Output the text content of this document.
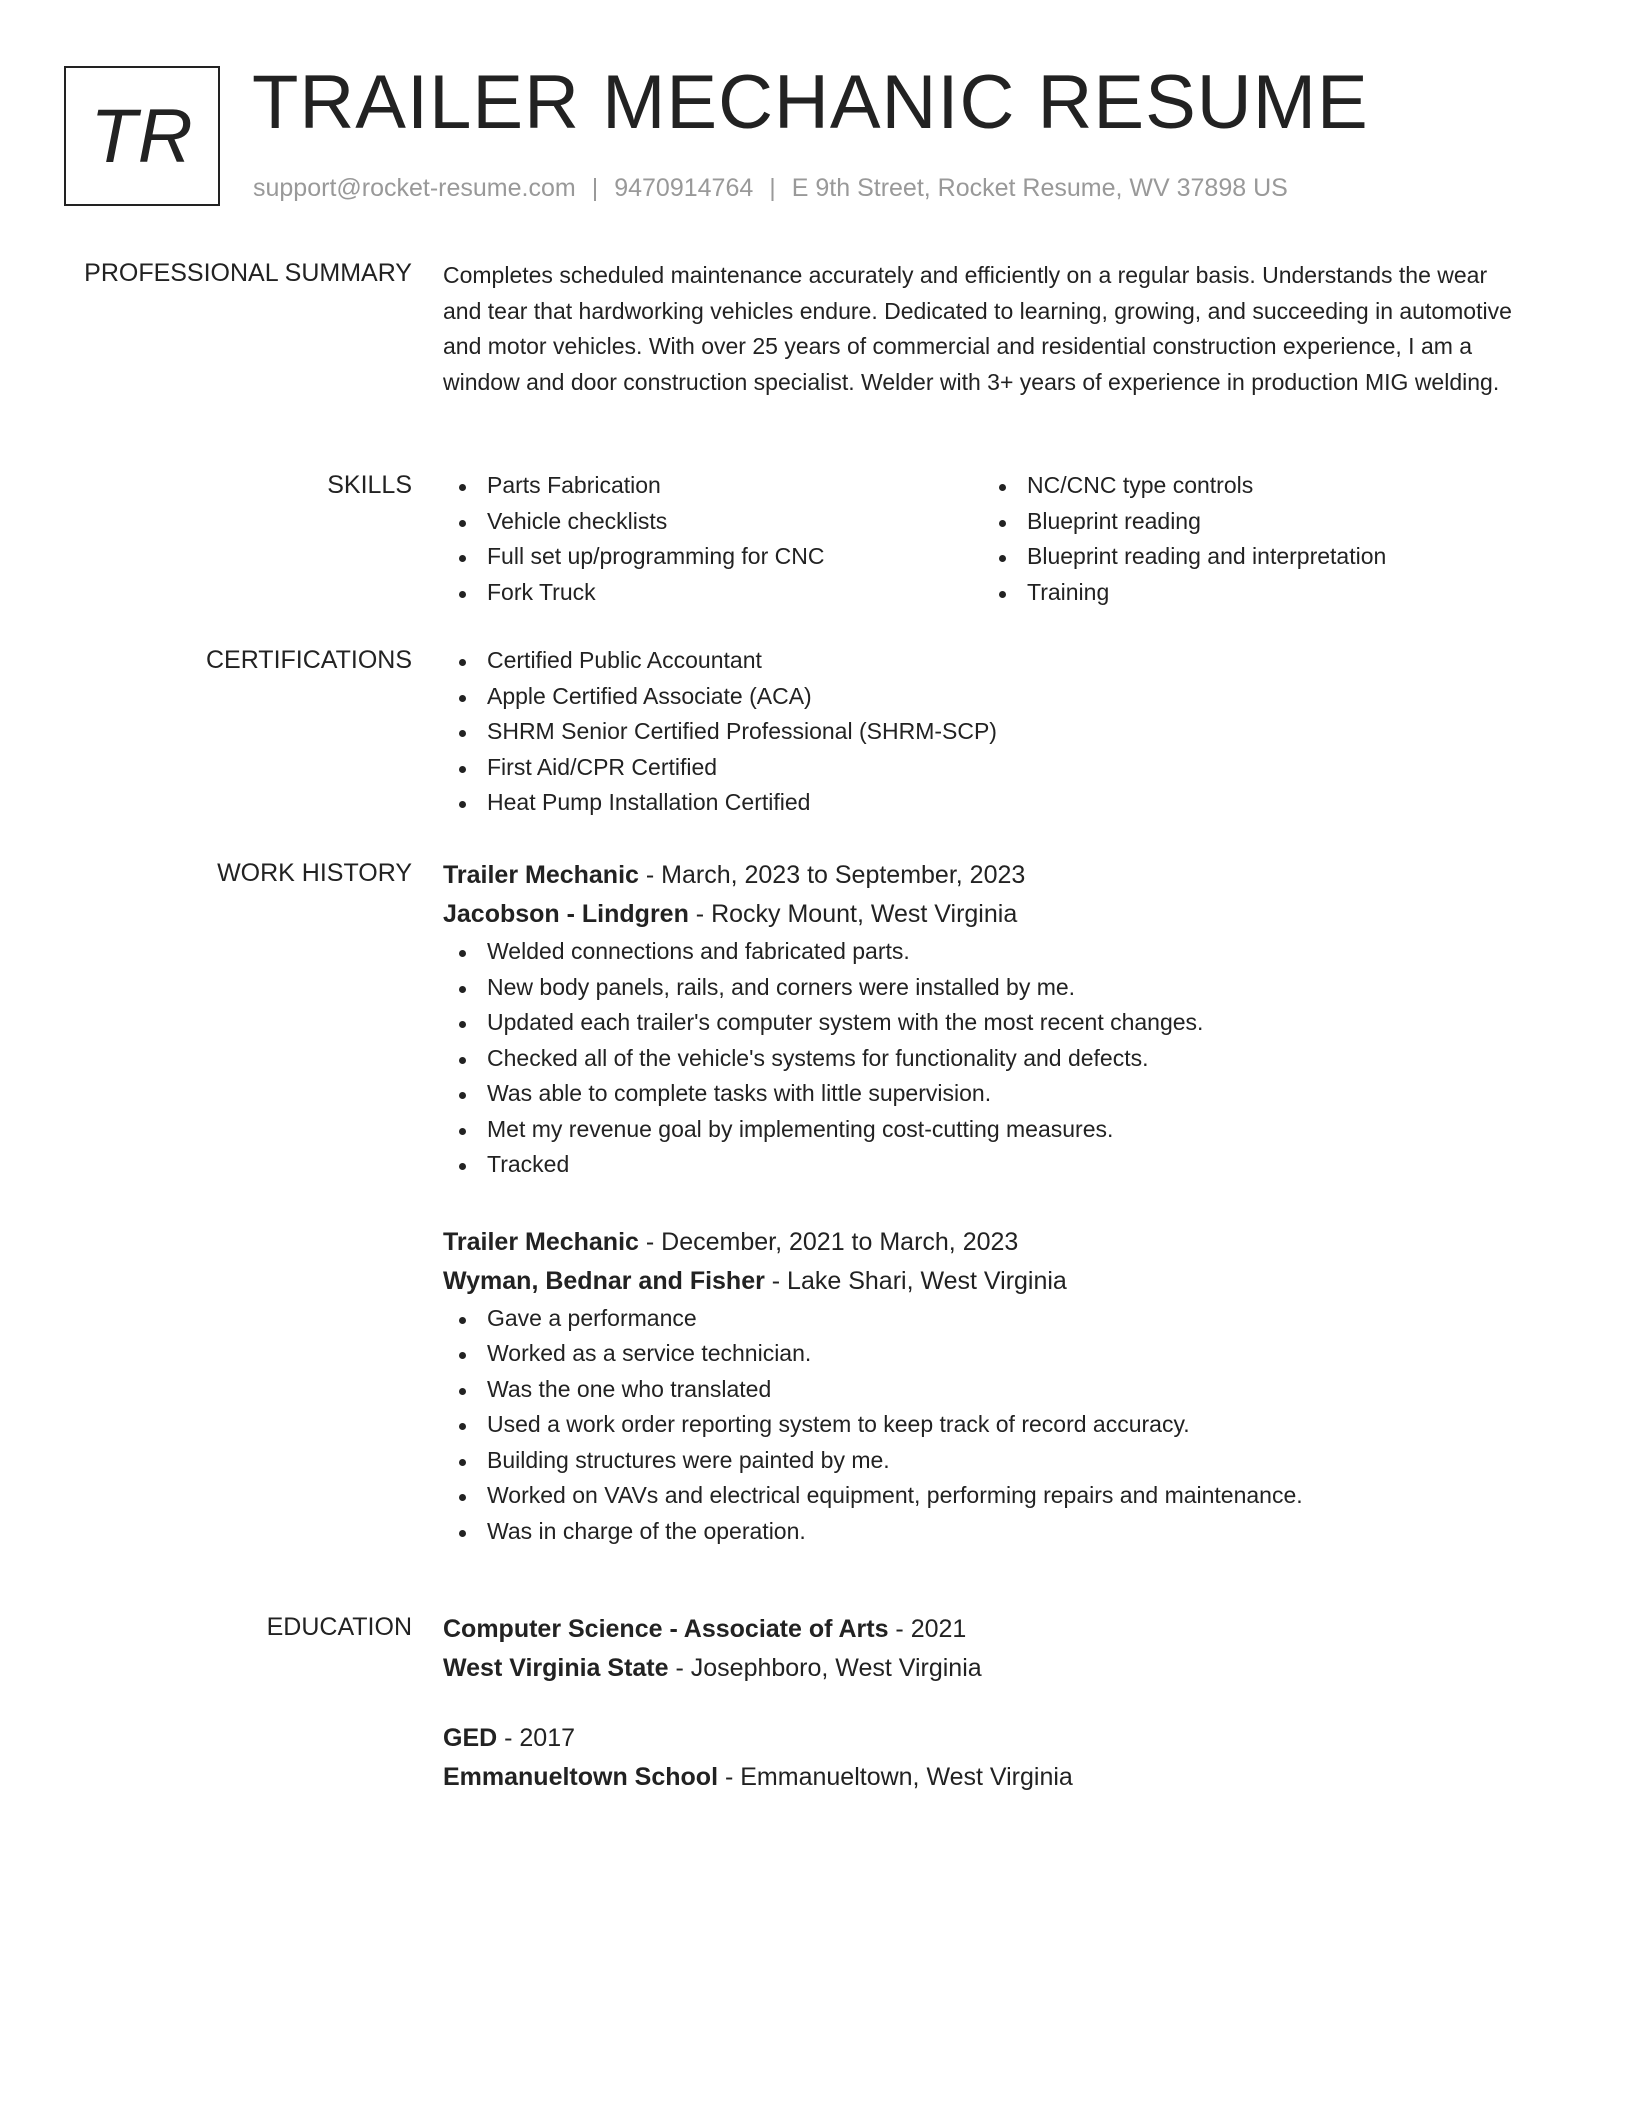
TR TRAILER MECHANIC RESUME
support@rocket-resume.com | 9470914764 | E 9th Street, Rocket Resume, WV 37898 US
PROFESSIONAL SUMMARY Completes scheduled maintenance accurately and efficiently on a regular basis. Understands the wear and tear that hardworking vehicles endure. Dedicated to learning, growing, and succeeding in automotive and motor vehicles. With over 25 years of commercial and residential construction experience, I am a window and door construction specialist. Welder with 3+ years of experience in production MIG welding.

SKILLS	Parts Fabrication
Vehicle checklists
Full set up/programming for CNC
Fork Truck
NC/CNC type controls
Blueprint reading
Blueprint reading and interpretation
Training
CERTIFICATIONS	Certified Public Accountant
Apple Certified Associate (ACA)
SHRM Senior Certified Professional (SHRM-SCP)
First Aid/CPR Certified
Heat Pump Installation Certified
WORK HISTORY Trailer Mechanic - March, 2023 to September, 2023
Jacobson - Lindgren - Rocky Mount, West Virginia
Welded connections and fabricated parts.
New body panels, rails, and corners were installed by me.
Updated each trailer's computer system with the most recent changes.
Checked all of the vehicle's systems for functionality and defects.
Was able to complete tasks with little supervision.
Met my revenue goal by implementing cost-cutting measures.
Tracked
Trailer Mechanic - December, 2021 to March, 2023
Wyman, Bednar and Fisher - Lake Shari, West Virginia
Gave a performance
Worked as a service technician.
Was the one who translated
Used a work order reporting system to keep track of record accuracy.
Building structures were painted by me.
Worked on VAVs and electrical equipment, performing repairs and maintenance.
Was in charge of the operation.
EDUCATION Computer Science - Associate of Arts - 2021
West Virginia State - Josephboro, West Virginia
GED - 2017
Emmanueltown School - Emmanueltown, West Virginia
